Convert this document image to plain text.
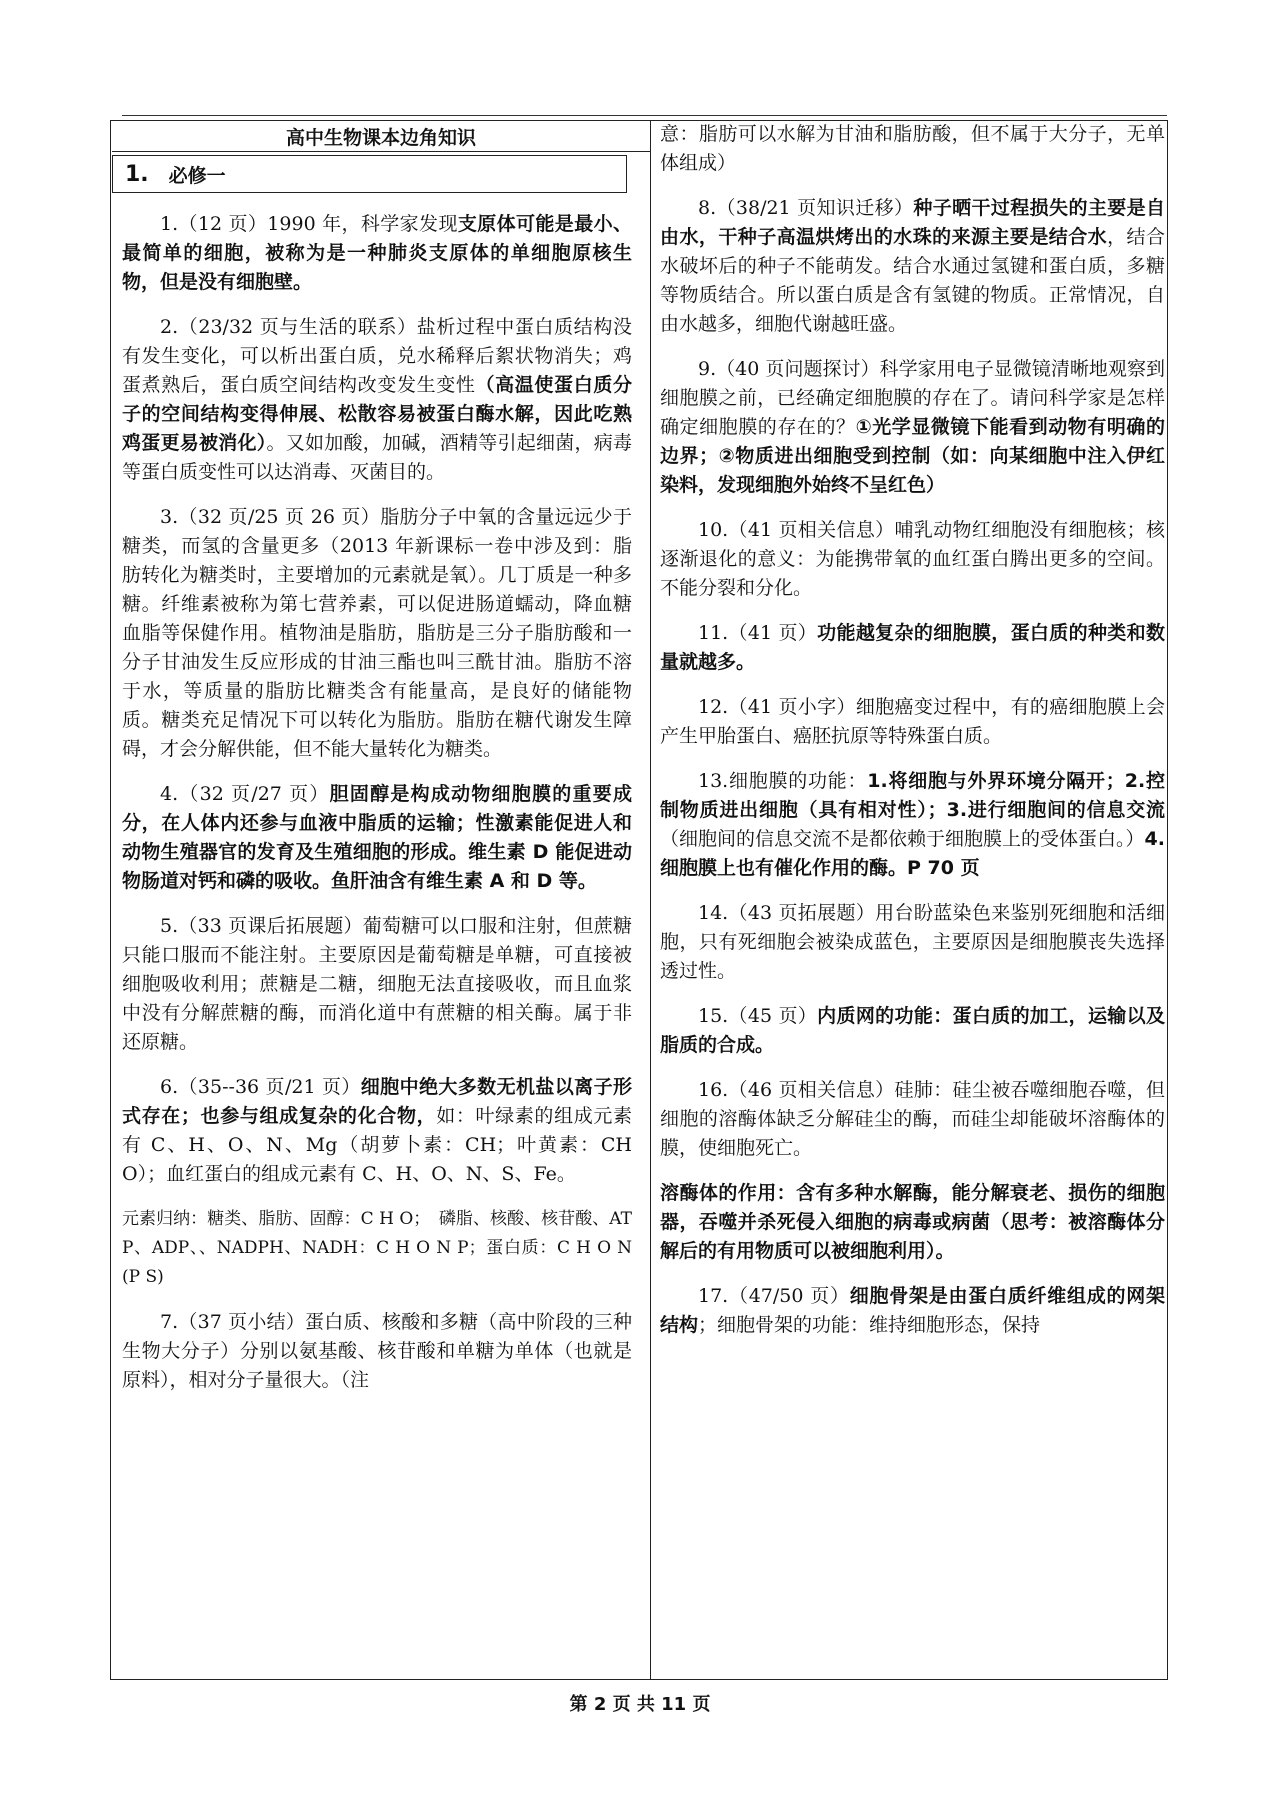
高中生物课本边角知识
1. 必修一

1.（12 页）1990 年，科学家发现支原体可能是最小、最简单的细胞，被称为是一种肺炎支原体的单细胞原核生物，但是没有细胞壁。

2.（23/32 页与生活的联系）盐析过程中蛋白质结构没有发生变化，可以析出蛋白质，兑水稀释后絮状物消失；鸡蛋煮熟后，蛋白质空间结构改变发生变性（高温使蛋白质分子的空间结构变得伸展、松散容易被蛋白酶水解，因此吃熟鸡蛋更易被消化）。又如加酸，加碱，酒精等引起细菌，病毒等蛋白质变性可以达消毒、灭菌目的。

3.（32 页/25 页 26 页）脂肪分子中氧的含量远远少于糖类，而氢的含量更多（2013 年新课标一卷中涉及到：脂肪转化为糖类时，主要增加的元素就是氧）。几丁质是一种多糖。纤维素被称为第七营养素，可以促进肠道蠕动，降血糖血脂等保健作用。植物油是脂肪，脂肪是三分子脂肪酸和一分子甘油发生反应形成的甘油三酯也叫三酰甘油。脂肪不溶于水，等质量的脂肪比糖类含有能量高，是良好的储能物质。糖类充足情况下可以转化为脂肪。脂肪在糖代谢发生障碍，才会分解供能，但不能大量转化为糖类。

4.（32 页/27 页）胆固醇是构成动物细胞膜的重要成分，在人体内还参与血液中脂质的运输；性激素能促进人和动物生殖器官的发育及生殖细胞的形成。维生素 D 能促进动物肠道对钙和磷的吸收。鱼肝油含有维生素 A 和 D 等。

5.（33 页课后拓展题）葡萄糖可以口服和注射，但蔗糖只能口服而不能注射。主要原因是葡萄糖是单糖，可直接被细胞吸收利用；蔗糖是二糖，细胞无法直接吸收，而且血浆中没有分解蔗糖的酶，而消化道中有蔗糖的相关酶。属于非还原糖。

6.（35--36 页/21 页）细胞中绝大多数无机盐以离子形式存在；也参与组成复杂的化合物，如：叶绿素的组成元素有 C、H、O、N、Mg（胡萝卜素：CH；叶黄素：CHO）；血红蛋白的组成元素有 C、H、O、N、S、Fe。

元素归纳：糖类、脂肪、固醇：C H O；　磷脂、核酸、核苷酸、ATP、ADP、、NADPH、NADH：C H O N P；蛋白质：C H O N(P S)

7.（37 页小结）蛋白质、核酸和多糖（高中阶段的三种生物大分子）分别以氨基酸、核苷酸和单糖为单体（也就是原料），相对分子量很大。（注

意：脂肪可以水解为甘油和脂肪酸，但不属于大分子，无单体组成）

8.（38/21 页知识迁移）种子晒干过程损失的主要是自由水，干种子高温烘烤出的水珠的来源主要是结合水，结合水破坏后的种子不能萌发。结合水通过氢键和蛋白质，多糖等物质结合。所以蛋白质是含有氢键的物质。正常情况，自由水越多，细胞代谢越旺盛。

9.（40 页问题探讨）科学家用电子显微镜清晰地观察到细胞膜之前，已经确定细胞膜的存在了。请问科学家是怎样确定细胞膜的存在的？①光学显微镜下能看到动物有明确的边界；②物质进出细胞受到控制（如：向某细胞中注入伊红染料，发现细胞外始终不呈红色）

10.（41 页相关信息）哺乳动物红细胞没有细胞核；核逐渐退化的意义：为能携带氧的血红蛋白腾出更多的空间。不能分裂和分化。

11.（41 页）功能越复杂的细胞膜，蛋白质的种类和数量就越多。

12.（41 页小字）细胞癌变过程中，有的癌细胞膜上会产生甲胎蛋白、癌胚抗原等特殊蛋白质。

13.细胞膜的功能：1.将细胞与外界环境分隔开；2.控制物质进出细胞（具有相对性）；3.进行细胞间的信息交流（细胞间的信息交流不是都依赖于细胞膜上的受体蛋白。）4.细胞膜上也有催化作用的酶。P 70 页

14.（43 页拓展题）用台盼蓝染色来鉴别死细胞和活细胞，只有死细胞会被染成蓝色，主要原因是细胞膜丧失选择透过性。

15.（45 页）内质网的功能：蛋白质的加工，运输以及脂质的合成。

16.（46 页相关信息）硅肺：硅尘被吞噬细胞吞噬，但细胞的溶酶体缺乏分解硅尘的酶，而硅尘却能破坏溶酶体的膜，使细胞死亡。

溶酶体的作用：含有多种水解酶，能分解衰老、损伤的细胞器，吞噬并杀死侵入细胞的病毒或病菌（思考：被溶酶体分解后的有用物质可以被细胞利用）。

17.（47/50 页）细胞骨架是由蛋白质纤维组成的网架结构；细胞骨架的功能：维持细胞形态，保持

第 2 页 共 11 页
